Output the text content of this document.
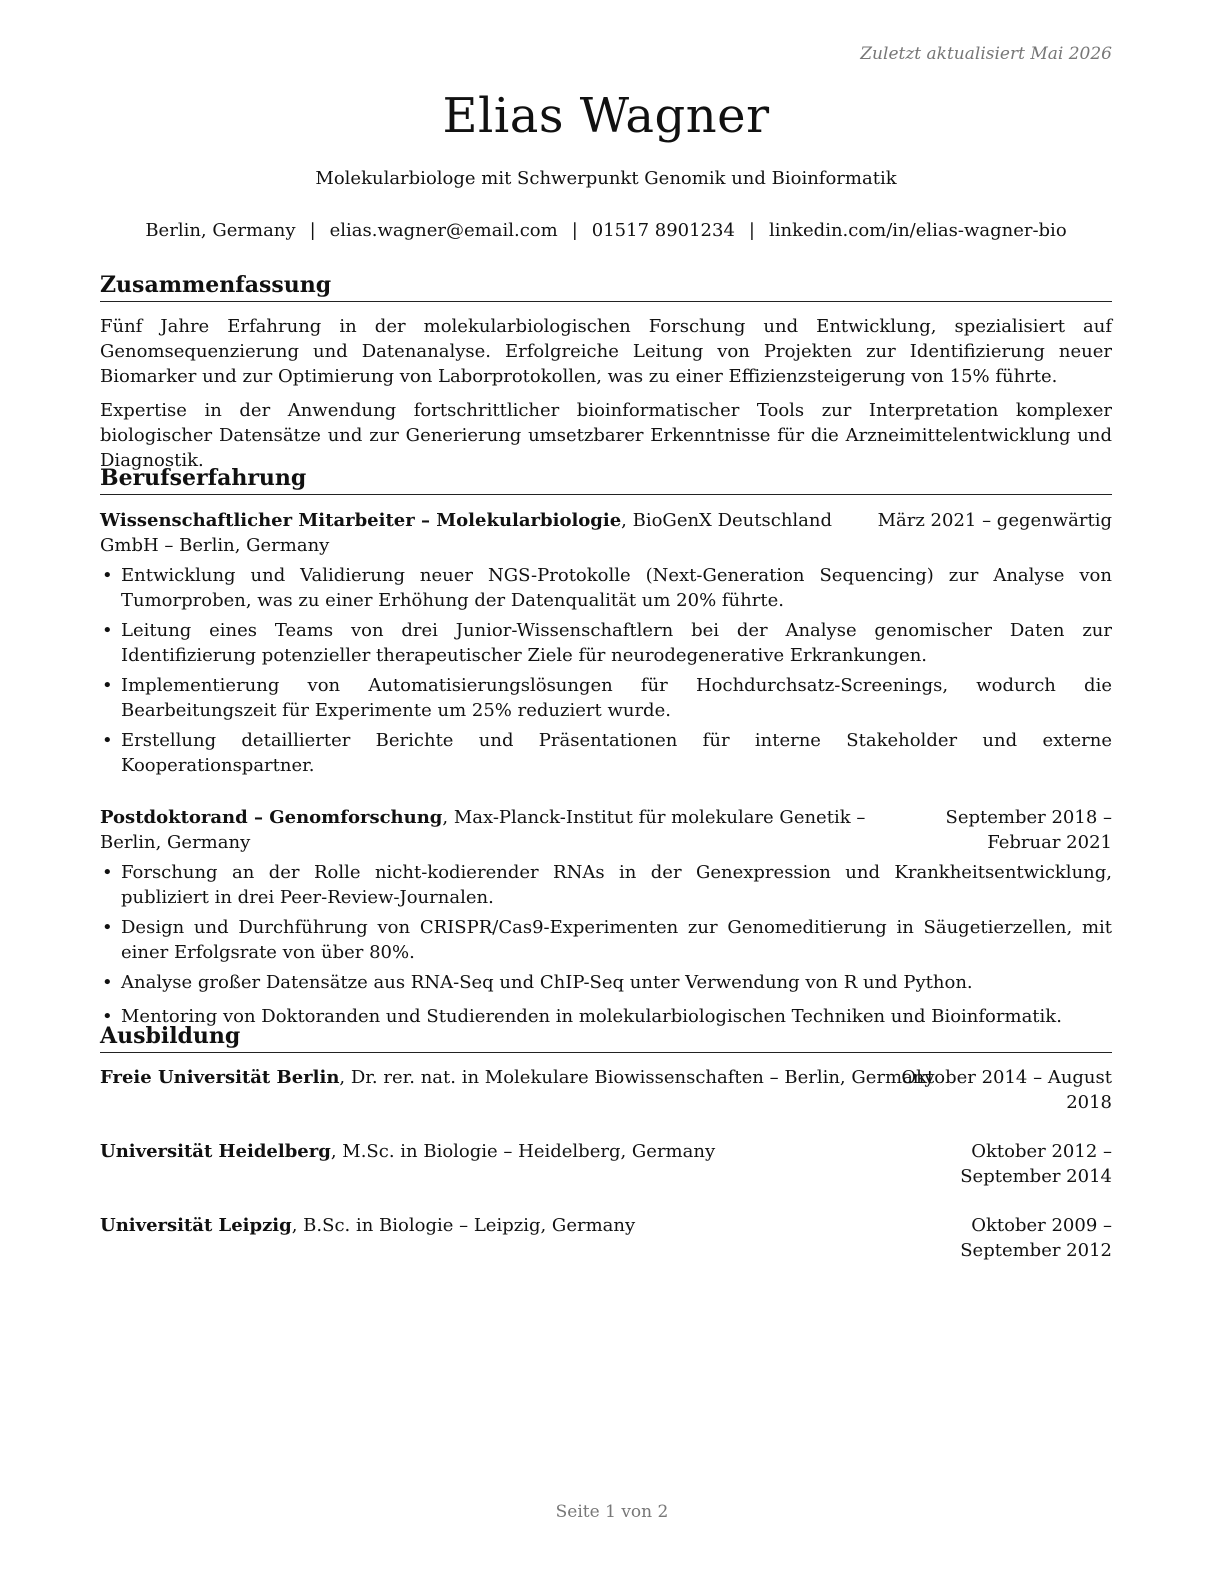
Zuletzt aktualisiert Mai 2026
Elias Wagner
Molekularbiologe mit Schwerpunkt Genomik und Bioinformatik
Berlin, Germany | elias.wagner@email.com | 01517 8901234 | linkedin.com/in/elias-wagner-bio
Zusammenfassung

Fünf Jahre Erfahrung in der molekularbiologischen Forschung und Entwicklung, spezialisiert auf Genomsequenzierung und Datenanalyse. Erfolgreiche Leitung von Projekten zur Identifizierung neuer Biomarker und zur Optimierung von Laborprotokollen, was zu einer Effizienzsteigerung von 15% führte.

Expertise in der Anwendung fortschrittlicher bioinformatischer Tools zur Interpretation komplexer biologischer Datensätze und zur Generierung umsetzbarer Erkenntnisse für die Arzneimittelentwicklung und Diagnostik.

Berufserfahrung
Wissenschaftlicher Mitarbeiter – Molekularbiologie, BioGenX Deutschland GmbH – Berlin, Germany
März 2021 – gegenwärtig
• Entwicklung und Validierung neuer NGS-Protokolle (Next-Generation Sequencing) zur Analyse von Tumorproben, was zu einer Erhöhung der Datenqualität um 20% führte.
• Leitung eines Teams von drei Junior-Wissenschaftlern bei der Analyse genomischer Daten zur Identifizierung potenzieller therapeutischer Ziele für neurodegenerative Erkrankungen.
• Implementierung von Automatisierungslösungen für Hochdurchsatz-Screenings, wodurch die Bearbeitungszeit für Experimente um 25% reduziert wurde.
• Erstellung detaillierter Berichte und Präsentationen für interne Stakeholder und externe Kooperationspartner.
Postdoktorand – Genomforschung, Max-Planck-Institut für molekulare Genetik – Berlin, Germany
September 2018 – Februar 2021
• Forschung an der Rolle nicht-kodierender RNAs in der Genexpression und Krankheitsentwicklung, publiziert in drei Peer-Review-Journalen.
• Design und Durchführung von CRISPR/Cas9-Experimenten zur Genomeditierung in Säugetierzellen, mit einer Erfolgsrate von über 80%.
• Analyse großer Datensätze aus RNA-Seq und ChIP-Seq unter Verwendung von R und Python.
• Mentoring von Doktoranden und Studierenden in molekularbiologischen Techniken und Bioinformatik.
Ausbildung
Freie Universität Berlin, Dr. rer. nat. in Molekulare Biowissenschaften – Berlin, Germany
Oktober 2014 – August 2018
Universität Heidelberg, M.Sc. in Biologie – Heidelberg, Germany	Oktober 2012 – September 2014
Universität Leipzig, B.Sc. in Biologie – Leipzig, Germany	Oktober 2009 – September 2012
Seite 1 von 2
